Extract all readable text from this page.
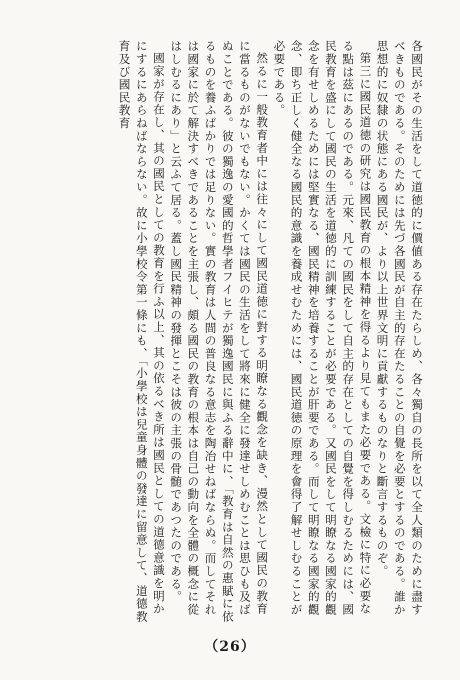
各國民がその生活をして道徳的に價値ある存在たらしめ、各々獨自の長所を以て全人類のために盡すべきものである。そのためには先づ各國民が自主的存在たることの自覺を必要とするのである。誰か思想的に奴隸の状態にある國民が、より以上世界文明に貢獻するものなりと斷言するものぞ。

第三に國民道徳の研究は國民教育の根本精神を得るより見てもまた必要である。文檢に特に必要なる點は茲にあるのである。元來、凡ての國民をして自主的存在としての自覺を得しむるためには、國民教育を盛にして國民の生活を道徳的に訓練することが必要である。又國民をして明瞭なる國家的觀念を有せしめるためには堅實なる、國民精神を培養することが肝要である。而して明瞭なる國家的觀念、即ち正しく健全なる國民的意識を養成せむためには、國民道徳の原理を會得了解せしむることが必要である。

然るに一般教育者中には往々にして國民道徳に對する明瞭なる觀念を缺き、漫然として國民の教育に當るものがないでもない。かくては國民の生活をして將來に健全に發達せしめむことは思ひも及ばぬことである。彼の獨逸の愛國的哲學者フイヒテが獨逸國民に與ふる辭中に、「教育は自然の惠賦に依るものを養ふばかりでは足りない。實の教育は人間の普良なる意志を陶冶せねばならぬ。而してそれは國家に於て解決すべきであることを主張し、頗る國民の教育の根本は自己の動向を全體の概念に從はしむるにあり」と云ふて居る。蓋し國民精神の發揮とこそは彼の主張の骨髄であつたのである。

國家が存在し、其の國民としての教育を行ふ以上、其の依るべき所は國民としての道德意識を明かにするにあらねばならない。故に小學校令第一條にも、「小學校は兒童身體の發達に留意して、道德教育及び國民教育

（26）
